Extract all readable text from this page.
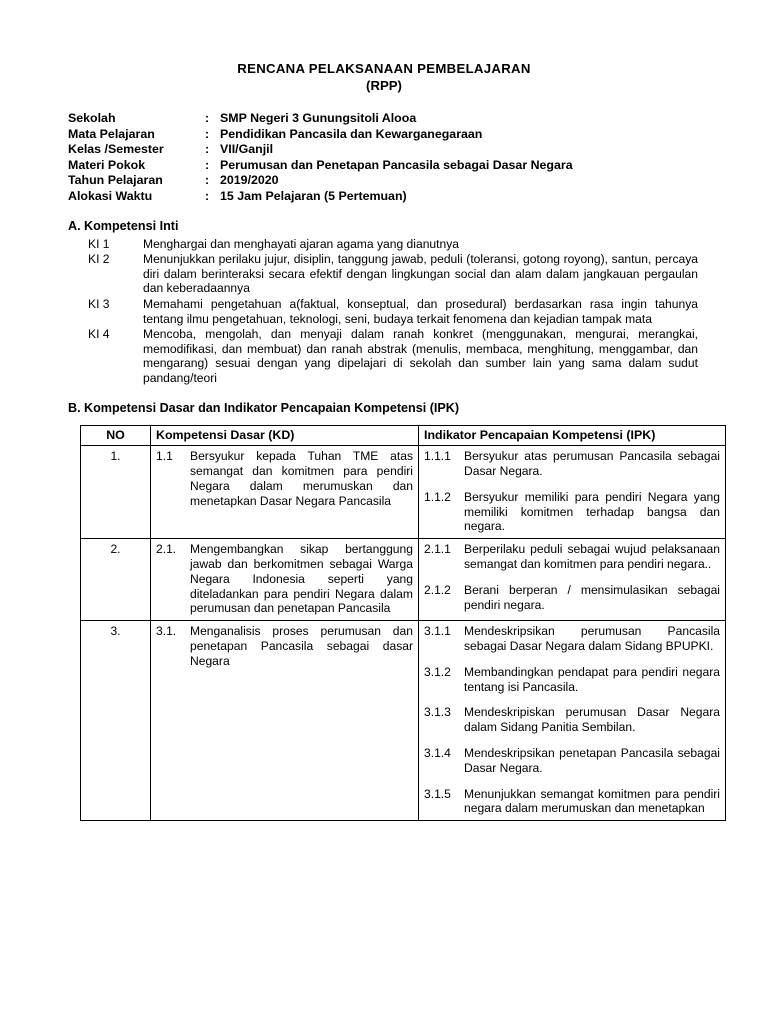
RENCANA PELAKSANAAN PEMBELAJARAN
(RPP)
Sekolah	:	SMP Negeri 3 Gunungsitoli Alooa
Mata Pelajaran	:	Pendidikan Pancasila dan Kewarganegaraan
Kelas /Semester	:	VII/Ganjil
Materi Pokok	:	Perumusan dan Penetapan Pancasila sebagai Dasar Negara
Tahun Pelajaran	:	2019/2020
Alokasi Waktu	:	15 Jam Pelajaran (5 Pertemuan)
A. Kompetensi Inti
KI 1	Menghargai dan menghayati ajaran agama yang dianutnya
KI 2	Menunjukkan perilaku jujur, disiplin, tanggung jawab, peduli (toleransi, gotong royong), santun, percaya diri dalam berinteraksi secara efektif dengan lingkungan social dan alam dalam jangkauan pergaulan dan keberadaannya
KI 3	Memahami pengetahuan a(faktual, konseptual, dan prosedural) berdasarkan rasa ingin tahunya tentang ilmu pengetahuan, teknologi, seni, budaya terkait fenomena dan kejadian tampak mata
KI 4	Mencoba, mengolah, dan menyaji dalam ranah konkret (menggunakan, mengurai, merangkai, memodifikasi, dan membuat) dan ranah abstrak (menulis, membaca, menghitung, menggambar, dan mengarang) sesuai dengan yang dipelajari di sekolah dan sumber lain yang sama dalam sudut pandang/teori
B. Kompetensi Dasar dan Indikator Pencapaian Kompetensi (IPK)
NO	Kompetensi Dasar (KD)	Indikator Pencapaian Kompetensi (IPK)
1.	1.1	Bersyukur kepada Tuhan TME atas semangat dan komitmen para pendiri Negara dalam merumuskan dan menetapkan Dasar Negara Pancasila	1.1.1	Bersyukur atas perumusan Pancasila sebagai Dasar Negara.
1.1.2	Bersyukur memiliki para pendiri Negara yang memiliki komitmen terhadap bangsa dan negara.

2.	2.1.	Mengembangkan sikap bertanggung jawab dan berkomitmen sebagai Warga Negara Indonesia seperti yang diteladankan para pendiri Negara dalam perumusan dan penetapan Pancasila	2.1.1	Berperilaku peduli sebagai wujud pelaksanaan semangat dan komitmen para pendiri negara..
2.1.2	Berani berperan / mensimulasikan sebagai pendiri negara.

3.	3.1.	Menganalisis proses perumusan dan penetapan Pancasila sebagai dasar Negara	3.1.1	Mendeskripsikan perumusan Pancasila sebagai Dasar Negara dalam Sidang BPUPKI.
3.1.2	Membandingkan pendapat para pendiri negara tentang isi Pancasila.
3.1.3	Mendeskripiskan perumusan Dasar Negara dalam Sidang Panitia Sembilan.
3.1.4	Mendeskripsikan penetapan Pancasila sebagai Dasar Negara.
3.1.5	Menunjukkan semangat komitmen para pendiri negara dalam merumuskan dan menetapkan
